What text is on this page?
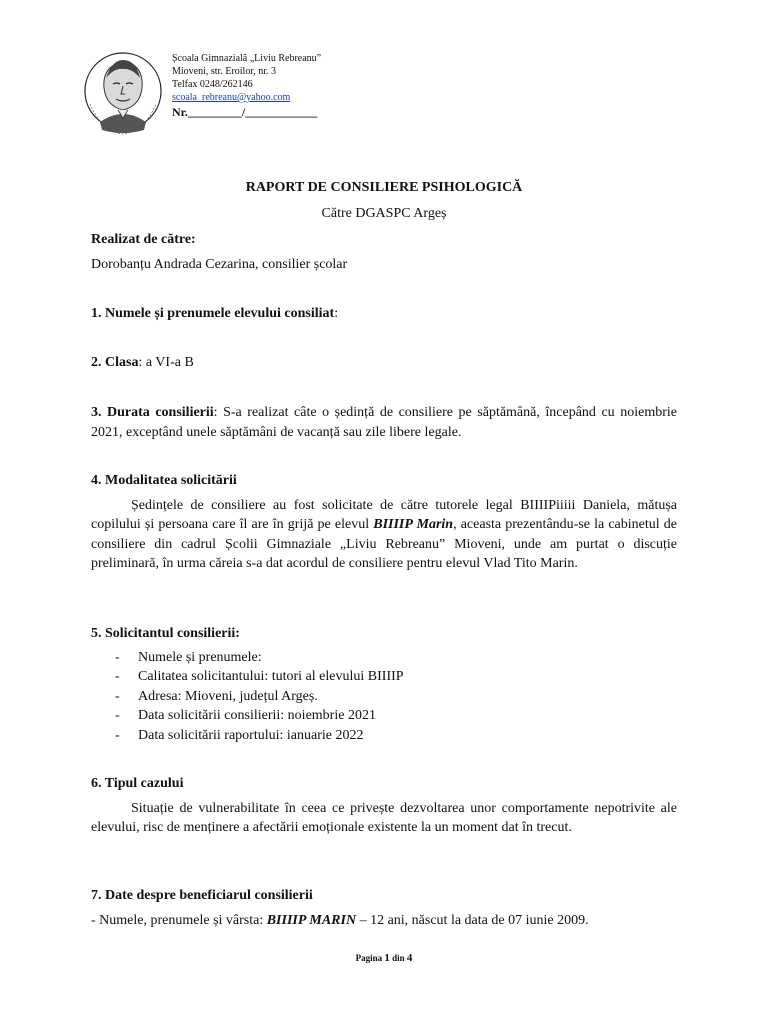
Școala Gimnazială „Liviu Rebreanu”
Mioveni, str. Eroilor, nr. 3
Telfax 0248/262146
scoala_rebreanu@yahoo.com
Nr._________/____________
RAPORT DE CONSILIERE PSIHOLOGICĂ
Către DGASPC Argeș
Realizat de către:
Dorobanțu Andrada Cezarina, consilier școlar
1. Numele și prenumele elevului consiliat:
2. Clasa: a VI-a B
3. Durata consilierii: S-a realizat câte o ședință de consiliere pe săptămână, începând cu noiembrie 2021, exceptând unele săptămâni de vacanță sau zile libere legale.
4. Modalitatea solicitării
Ședințele de consiliere au fost solicitate de către tutorele legal BIIIIPiiiii Daniela, mătușa copilului și persoana care îl are în grijă pe elevul BIIIIP Marin, aceasta prezentându-se la cabinetul de consiliere din cadrul Școlii Gimnaziale „Liviu Rebreanu” Mioveni, unde am purtat o discuție preliminară, în urma căreia s-a dat acordul de consiliere pentru elevul Vlad Tito Marin.
5. Solicitantul consilierii:
- Numele și prenumele:
- Calitatea solicitantului: tutori al elevului BIIIIP
- Adresa: Mioveni, județul Argeș.
- Data solicitării consilierii: noiembrie 2021
- Data solicitării raportului: ianuarie 2022
6. Tipul cazului
Situație de vulnerabilitate în ceea ce privește dezvoltarea unor comportamente nepotrivite ale elevului, risc de menținere a afectării emoționale existente la un moment dat în trecut.
7. Date despre beneficiarul consilierii
- Numele, prenumele și vârsta: BIIIIP MARIN – 12 ani, născut la data de 07 iunie 2009.
Pagina 1 din 4
